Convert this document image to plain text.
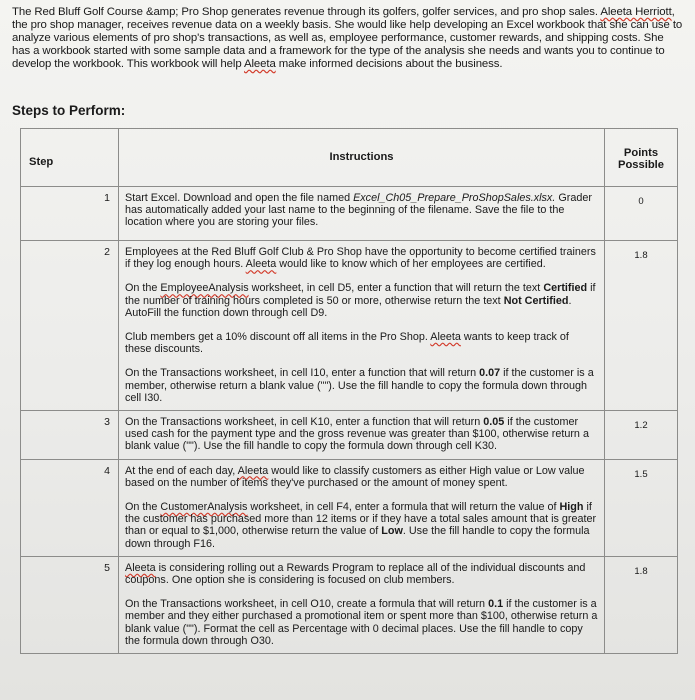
The Red Bluff Golf Course &amp; Pro Shop generates revenue through its golfers, golfer services, and pro shop sales. Aleeta Herriott, the pro shop manager, receives revenue data on a weekly basis. She would like help developing an Excel workbook that she can use to analyze various elements of pro shop's transactions, as well as, employee performance, customer rewards, and shipping costs. She has a workbook started with some sample data and a framework for the type of the analysis she needs and wants you to continue to develop the workbook. This workbook will help Aleeta make informed decisions about the business.
Steps to Perform:
Step	Instructions	Points Possible
1	Start Excel. Download and open the file named Excel_Ch05_Prepare_ProShopSales.xlsx. Grader has automatically added your last name to the beginning of the filename. Save the file to the location where you are storing your files.	0
2	Employees at the Red Bluff Golf Club & Pro Shop have the opportunity to become certified trainers if they log enough hours. Aleeta would like to know which of her employees are certified.
On the EmployeeAnalysis worksheet, in cell D5, enter a function that will return the text Certified if the number of training hours completed is 50 or more, otherwise return the text Not Certified. AutoFill the function down through cell D9.
Club members get a 10% discount off all items in the Pro Shop. Aleeta wants to keep track of these discounts.
On the Transactions worksheet, in cell I10, enter a function that will return 0.07 if the customer is a member, otherwise return a blank value (""). Use the fill handle to copy the formula down through cell I30.	1.8
3	On the Transactions worksheet, in cell K10, enter a function that will return 0.05 if the customer used cash for the payment type and the gross revenue was greater than $100, otherwise return a blank value (""). Use the fill handle to copy the formula down through cell K30.	1.2
4	At the end of each day, Aleeta would like to classify customers as either High value or Low value based on the number of items they've purchased or the amount of money spent.
On the CustomerAnalysis worksheet, in cell F4, enter a formula that will return the value of High if the customer has purchased more than 12 items or if they have a total sales amount that is greater than or equal to $1,000, otherwise return the value of Low. Use the fill handle to copy the formula down through F16.	1.5
5	Aleeta is considering rolling out a Rewards Program to replace all of the individual discounts and coupons. One option she is considering is focused on club members.
On the Transactions worksheet, in cell O10, create a formula that will return 0.1 if the customer is a member and they either purchased a promotional item or spent more than $100, otherwise return a blank value (""). Format the cell as Percentage with 0 decimal places. Use the fill handle to copy the formula down through O30.	1.8
